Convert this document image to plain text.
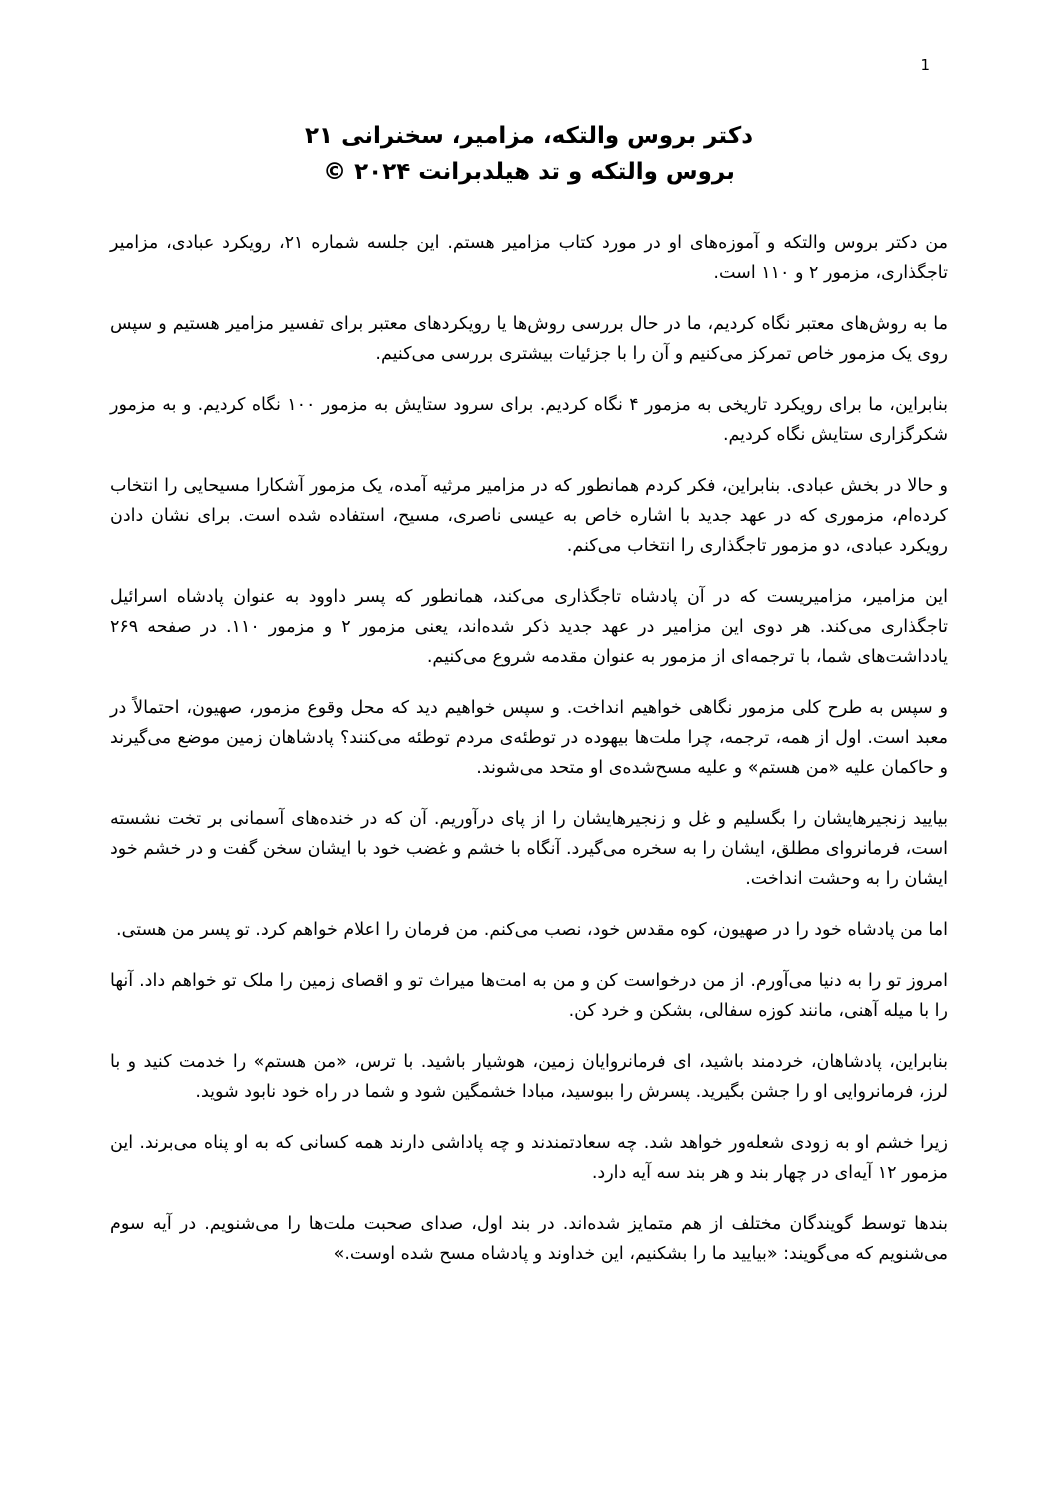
1
دکتر بروس والتکه، مزامیر، سخنرانی ۲۱
بروس والتکه و تد هیلدبرانت ۲۰۲۴ ©

من دکتر بروس والتکه و آموزه‌های او در مورد کتاب مزامیر هستم. این جلسه شماره ۲۱، رویکرد عبادی، مزامیر تاجگذاری، مزمور ۲ و ۱۱۰ است.

ما به روش‌های معتبر نگاه کردیم، ما در حال بررسی روش‌ها یا رویکردهای معتبر برای تفسیر مزامیر هستیم و سپس روی یک مزمور خاص تمرکز می‌کنیم و آن را با جزئیات بیشتری بررسی می‌کنیم.

بنابراین، ما برای رویکرد تاریخی به مزمور ۴ نگاه کردیم. برای سرود ستایش به مزمور ۱۰۰ نگاه کردیم. و به مزمور شکرگزاری ستایش نگاه کردیم.

و حالا در بخش عبادی. بنابراین، فکر کردم همانطور که در مزامیر مرثیه آمده، یک مزمور آشکارا مسیحایی را انتخاب کرده‌ام، مزموری که در عهد جدید با اشاره خاص به عیسی ناصری، مسیح، استفاده شده است. برای نشان دادن رویکرد عبادی، دو مزمور تاجگذاری را انتخاب می‌کنم.

این مزامیر، مزامیریست که در آن پادشاه تاجگذاری می‌کند، همانطور که پسر داوود به عنوان پادشاه اسرائیل تاجگذاری می‌کند. هر دوی این مزامیر در عهد جدید ذکر شده‌اند، یعنی مزمور ۲ و مزمور ۱۱۰. در صفحه ۲۶۹ یادداشت‌های شما، با ترجمه‌ای از مزمور به عنوان مقدمه شروع می‌کنیم.

و سپس به طرح کلی مزمور نگاهی خواهیم انداخت. و سپس خواهیم دید که محل وقوع مزمور، صهیون، احتمالاً در معبد است. اول از همه، ترجمه، چرا ملت‌ها بیهوده در توطئه‌ی مردم توطئه می‌کنند؟ پادشاهان زمین موضع می‌گیرند و حاکمان علیه «من هستم» و علیه مسح‌شده‌ی او متحد می‌شوند.

بیایید زنجیرهایشان را بگسلیم و غل و زنجیرهایشان را از پای درآوریم. آن که در خنده‌های آسمانی بر تخت نشسته است، فرمانروای مطلق، ایشان را به سخره می‌گیرد. آنگاه با خشم و غضب خود با ایشان سخن گفت و در خشم خود ایشان را به وحشت انداخت.

اما من پادشاه خود را در صهیون، کوه مقدس خود، نصب می‌کنم. من فرمان را اعلام خواهم کرد. تو پسر من هستی.

امروز تو را به دنیا می‌آورم. از من درخواست کن و من به امت‌ها میراث تو و اقصای زمین را ملک تو خواهم داد. آنها را با میله آهنی، مانند کوزه سفالی، بشکن و خرد کن.

بنابراین، پادشاهان، خردمند باشید، ای فرمانروایان زمین، هوشیار باشید. با ترس، «من هستم» را خدمت کنید و با لرز، فرمانروایی او را جشن بگیرید. پسرش را ببوسید، مبادا خشمگین شود و شما در راه خود نابود شوید.

زیرا خشم او به زودی شعله‌ور خواهد شد. چه سعادتمندند و چه پاداشی دارند همه کسانی که به او پناه می‌برند. این مزمور ۱۲ آیه‌ای در چهار بند و هر بند سه آیه دارد.

بندها توسط گویندگان مختلف از هم متمایز شده‌اند. در بند اول، صدای صحبت ملت‌ها را می‌شنویم. در آیه سوم می‌شنویم که می‌گویند: «بیایید ما را بشکنیم، این خداوند و پادشاه مسح شده اوست.»
